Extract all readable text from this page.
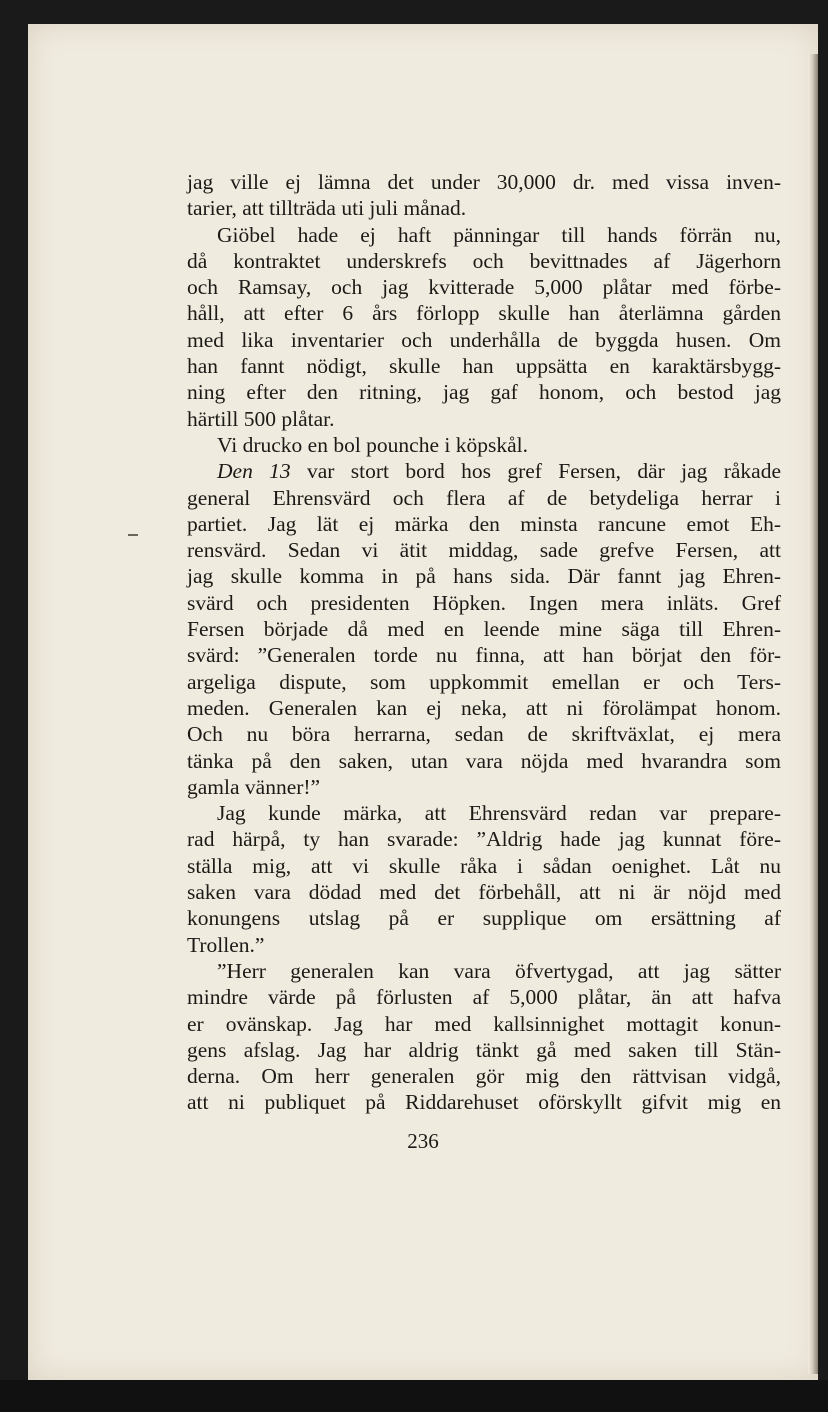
jag ville ej lämna det under 30,000 dr. med vissa inven-
tarier, att tillträda uti juli månad.
Giöbel hade ej haft pänningar till hands förrän nu,
då kontraktet underskrefs och bevittnades af Jägerhorn
och Ramsay, och jag kvitterade 5,000 plåtar med förbe-
håll, att efter 6 års förlopp skulle han återlämna gården
med lika inventarier och underhålla de byggda husen. Om
han fannt nödigt, skulle han uppsätta en karaktärsbygg-
ning efter den ritning, jag gaf honom, och bestod jag
härtill 500 plåtar.
Vi drucko en bol pounche i köpskål.
Den 13 var stort bord hos gref Fersen, där jag råkade
general Ehrensvärd och flera af de betydeliga herrar i
partiet. Jag lät ej märka den minsta rancune emot Eh-
rensvärd. Sedan vi ätit middag, sade grefve Fersen, att
jag skulle komma in på hans sida. Där fannt jag Ehren-
svärd och presidenten Höpken. Ingen mera inläts. Gref
Fersen började då med en leende mine säga till Ehren-
svärd: ”Generalen torde nu finna, att han börjat den för-
argeliga dispute, som uppkommit emellan er och Ters-
meden. Generalen kan ej neka, att ni förolämpat honom.
Och nu böra herrarna, sedan de skriftväxlat, ej mera
tänka på den saken, utan vara nöjda med hvarandra som
gamla vänner!”
Jag kunde märka, att Ehrensvärd redan var prepare-
rad härpå, ty han svarade: ”Aldrig hade jag kunnat före-
ställa mig, att vi skulle råka i sådan oenighet. Låt nu
saken vara dödad med det förbehåll, att ni är nöjd med
konungens utslag på er supplique om ersättning af
Trollen.”
”Herr generalen kan vara öfvertygad, att jag sätter
mindre värde på förlusten af 5,000 plåtar, än att hafva
er ovänskap. Jag har med kallsinnighet mottagit konun-
gens afslag. Jag har aldrig tänkt gå med saken till Stän-
derna. Om herr generalen gör mig den rättvisan vidgå,
att ni publiquet på Riddarehuset oförskyllt gifvit mig en
236
